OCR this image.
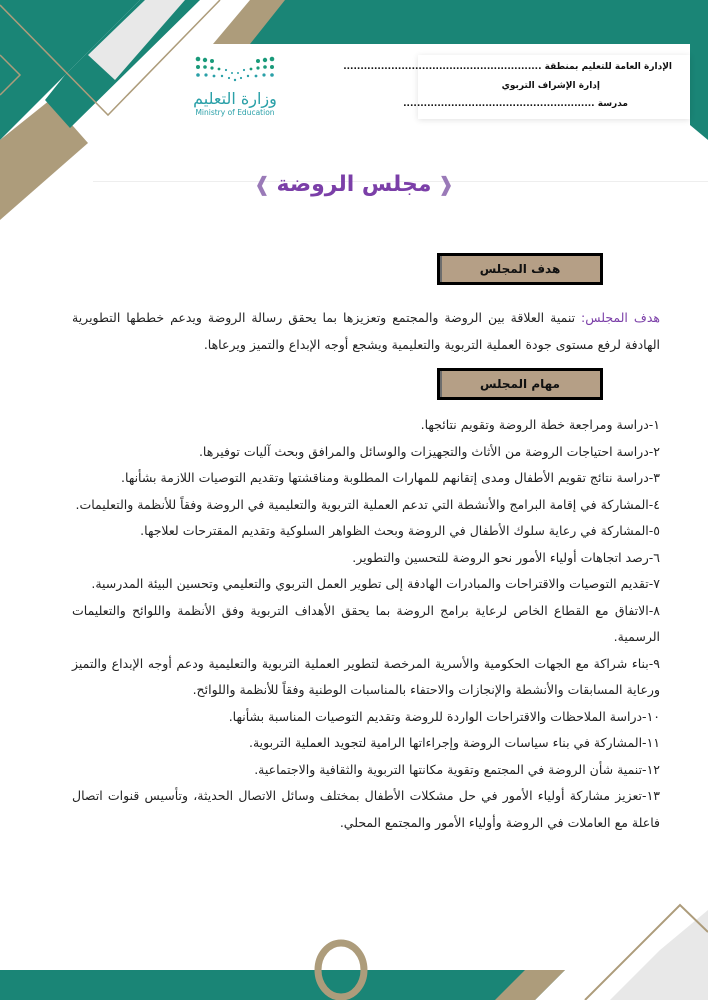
وزارة التعليم
Ministry of Education
الإدارة العامة للتعليم بمنطقة ..........................................................
إدارة الإشراف التربوي
مدرسة ........................................................
❰مجلس الروضة❱
هدف المجلس
هدف المجلس: تنمية العلاقة بين الروضة والمجتمع وتعزيزها بما يحقق رسالة الروضة ويدعم خططها التطويرية الهادفة لرفع مستوى جودة العملية التربوية والتعليمية ويشجع أوجه الإبداع والتميز ويرعاها.
مهام المجلس

١-دراسة ومراجعة خطة الروضة وتقويم نتائجها.

٢-دراسة احتياجات الروضة من الأثاث والتجهيزات والوسائل والمرافق وبحث آليات توفيرها.

٣-دراسة نتائج تقويم الأطفال ومدى إتقانهم للمهارات المطلوبة ومناقشتها وتقديم التوصيات اللازمة بشأنها.

٤-المشاركة في إقامة البرامج والأنشطة التي تدعم العملية التربوية والتعليمية في الروضة وفقاً للأنظمة والتعليمات.

٥-المشاركة في رعاية سلوك الأطفال في الروضة وبحث الظواهر السلوكية وتقديم المقترحات لعلاجها.

٦-رصد اتجاهات أولياء الأمور نحو الروضة للتحسين والتطوير.

٧-تقديم التوصيات والاقتراحات والمبادرات الهادفة إلى تطوير العمل التربوي والتعليمي وتحسين البيئة المدرسية.

٨-الاتفاق مع القطاع الخاص لرعاية برامج الروضة بما يحقق الأهداف التربوية وفق الأنظمة واللوائح والتعليمات الرسمية.

٩-بناء شراكة مع الجهات الحكومية والأسرية المرخصة لتطوير العملية التربوية والتعليمية ودعم أوجه الإبداع والتميز ورعاية المسابقات والأنشطة والإنجازات والاحتفاء بالمناسبات الوطنية وفقاً للأنظمة واللوائح.

١٠-دراسة الملاحظات والاقتراحات الواردة للروضة وتقديم التوصيات المناسبة بشأنها.

١١-المشاركة في بناء سياسات الروضة وإجراءاتها الرامية لتجويد العملية التربوية.

١٢-تنمية شأن الروضة في المجتمع وتقوية مكانتها التربوية والثقافية والاجتماعية.

١٣-تعزيز مشاركة أولياء الأمور في حل مشكلات الأطفال بمختلف وسائل الاتصال الحديثة، وتأسيس قنوات اتصال فاعلة مع العاملات في الروضة وأولياء الأمور والمجتمع المحلي.
